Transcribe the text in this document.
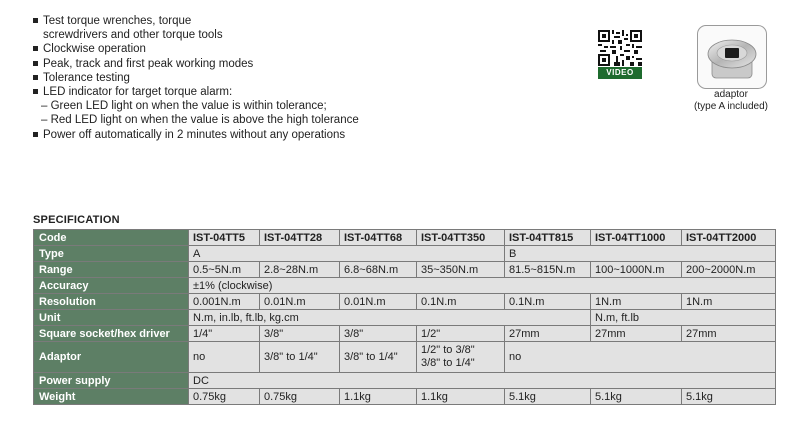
Test torque wrenches, torque
screwdrivers and other torque tools
Clockwise operation
Peak, track and first peak working modes
Tolerance testing
LED indicator for target torque alarm:
– Green LED light on when the value is within tolerance;
– Red LED light on when the value is above the high tolerance
Power off automatically in 2 minutes without any operations
VIDEO
adaptor
(type A included)
SPECIFICATION
Code	IST-04TT5	IST-04TT28	IST-04TT68	IST-04TT350	IST-04TT815	IST-04TT1000	IST-04TT2000
Type	A				B		
Range	0.5~5N.m	2.8~28N.m	6.8~68N.m	35~350N.m	81.5~815N.m	100~1000N.m	200~2000N.m
Accuracy	±1% (clockwise)						
Resolution	0.001N.m	0.01N.m	0.01N.m	0.1N.m	0.1N.m	1N.m	1N.m
Unit	N.m, in.lb, ft.lb, kg.cm					N.m, ft.lb	
Square socket/hex driver	1/4"	3/8"	3/8"	1/2"	27mm	27mm	27mm
Adaptor	no	3/8" to 1/4"	3/8" to 1/4"	1/2" to 3/8"
3/8" to 1/4"	no		
Power supply	DC						
Weight	0.75kg	0.75kg	1.1kg	1.1kg	5.1kg	5.1kg	5.1kg
